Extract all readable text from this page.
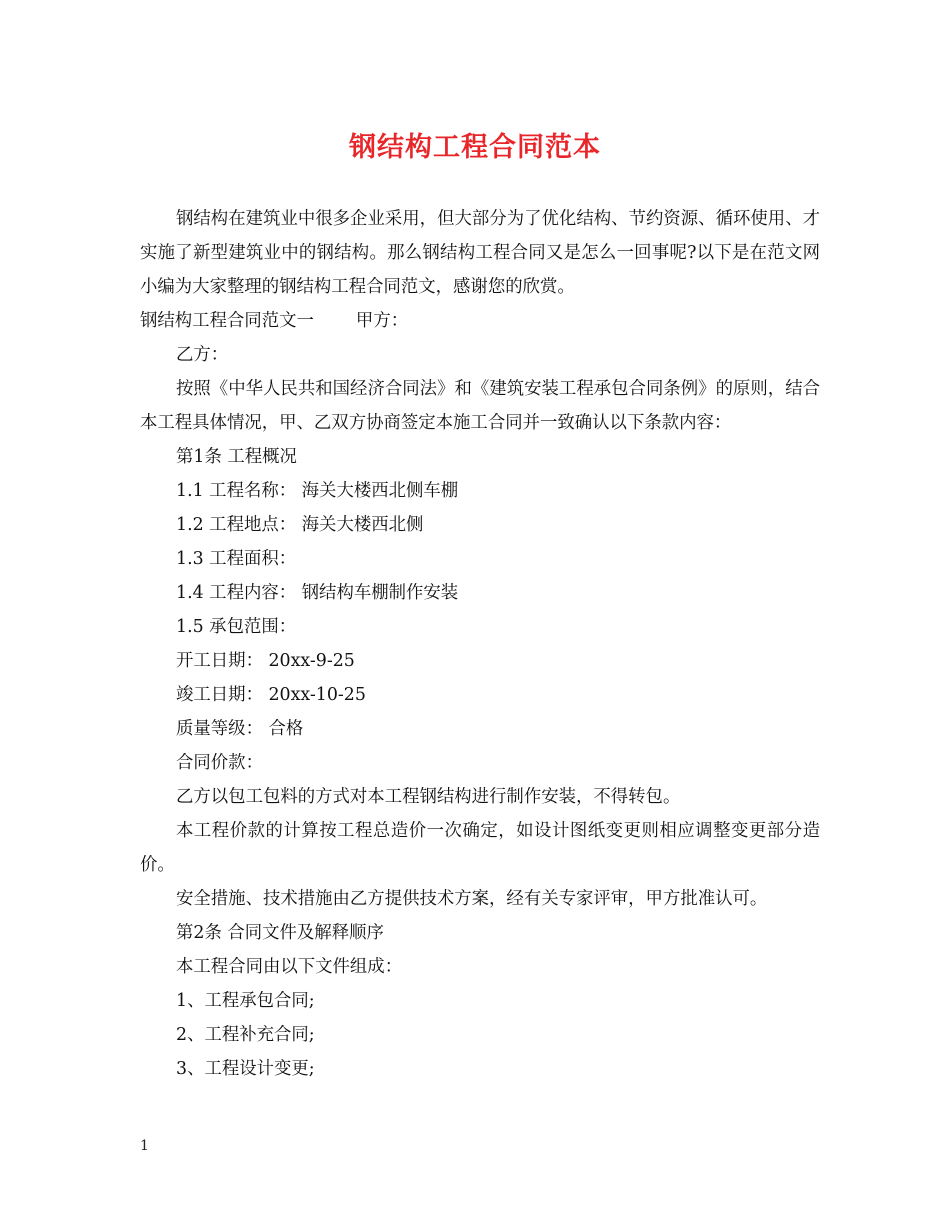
钢结构工程合同范本

钢结构在建筑业中很多企业采用，但大部分为了优化结构、节约资源、循环使用、才实施了新型建筑业中的钢结构。那么钢结构工程合同又是怎么一回事呢?以下是在范文网小编为大家整理的钢结构工程合同范文，感谢您的欣赏。

钢结构工程合同范文一 甲方：

乙方：

按照《中华人民共和国经济合同法》和《建筑安装工程承包合同条例》的原则，结合本工程具体情况，甲、乙双方协商签定本施工合同并一致确认以下条款内容：

第1条 工程概况

1.1 工程名称： 海关大楼西北侧车棚

1.2 工程地点： 海关大楼西北侧

1.3 工程面积：

1.4 工程内容： 钢结构车棚制作安装

1.5 承包范围：

开工日期： 20xx-9-25

竣工日期： 20xx-10-25

质量等级： 合格

合同价款：

乙方以包工包料的方式对本工程钢结构进行制作安装，不得转包。

本工程价款的计算按工程总造价一次确定，如设计图纸变更则相应调整变更部分造价。

安全措施、技术措施由乙方提供技术方案，经有关专家评审，甲方批准认可。

第2条 合同文件及解释顺序

本工程合同由以下文件组成：

1、工程承包合同;

2、工程补充合同;

3、工程设计变更;

1
